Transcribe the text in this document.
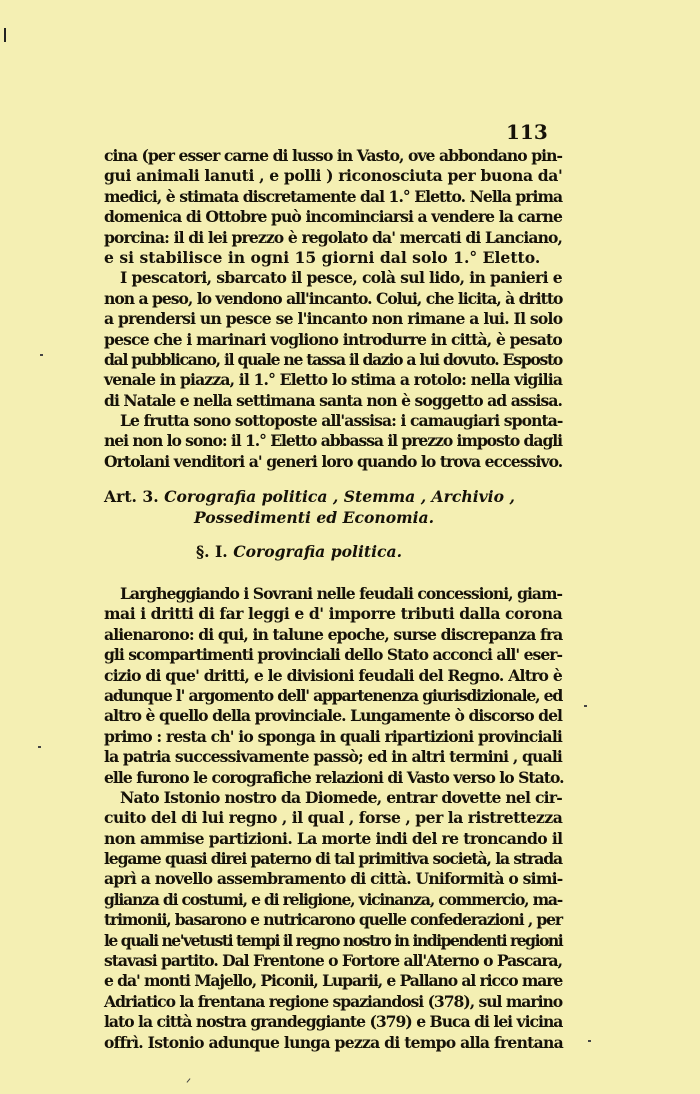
113
cina (per esser carne di lusso in Vasto, ove abbondano pin-
gui animali lanuti , e polli ) riconosciuta per buona da'
medici, è stimata discretamente dal 1.° Eletto. Nella prima
domenica di Ottobre può incominciarsi a vendere la carne
porcina: il di lei prezzo è regolato da' mercati di Lanciano,
e si stabilisce in ogni 15 giorni dal solo 1.° Eletto.
I pescatori, sbarcato il pesce, colà sul lido, in panieri e
non a peso, lo vendono all'incanto. Colui, che licita, à dritto
a prendersi un pesce se l'incanto non rimane a lui. Il solo
pesce che i marinari vogliono introdurre in città, è pesato
dal pubblicano, il quale ne tassa il dazio a lui dovuto. Esposto
venale in piazza, il 1.° Eletto lo stima a rotolo: nella vigilia
di Natale e nella settimana santa non è soggetto ad assisa.
Le frutta sono sottoposte all'assisa: i camaugiari sponta-
nei non lo sono: il 1.° Eletto abbassa il prezzo imposto dagli
Ortolani venditori a' generi loro quando lo trova eccessivo.
Art. 3. Corografia politica , Stemma , Archivio ,
Possedimenti ed Economia.
§. I. Corografia politica.
Largheggiando i Sovrani nelle feudali concessioni, giam-
mai i dritti di far leggi e d' imporre tributi dalla corona
alienarono: di qui, in talune epoche, surse discrepanza fra
gli scompartimenti provinciali dello Stato acconci all' eser-
cizio di que' dritti, e le divisioni feudali del Regno. Altro è
adunque l' argomento dell' appartenenza giurisdizionale, ed
altro è quello della provinciale. Lungamente ò discorso del
primo : resta ch' io sponga in quali ripartizioni provinciali
la patria successivamente passò; ed in altri termini , quali
elle furono le corografiche relazioni di Vasto verso lo Stato.
Nato Istonio nostro da Diomede, entrar dovette nel cir-
cuito del di lui regno , il qual , forse , per la ristrettezza
non ammise partizioni. La morte indi del re troncando il
legame quasi direi paterno di tal primitiva società, la strada
aprì a novello assembramento di città. Uniformità o simi-
glianza di costumi, e di religione, vicinanza, commercio, ma-
trimonii, basarono e nutricarono quelle confederazioni , per
le quali ne'vetusti tempi il regno nostro in indipendenti regioni
stavasi partito. Dal Frentone o Fortore all'Aterno o Pascara,
e da' monti Majello, Piconii, Luparii, e Pallano al ricco mare
Adriatico la frentana regione spaziandosi (378), sul marino
lato la città nostra grandeggiante (379) e Buca di lei vicina
offrì. Istonio adunque lunga pezza di tempo alla frentana
